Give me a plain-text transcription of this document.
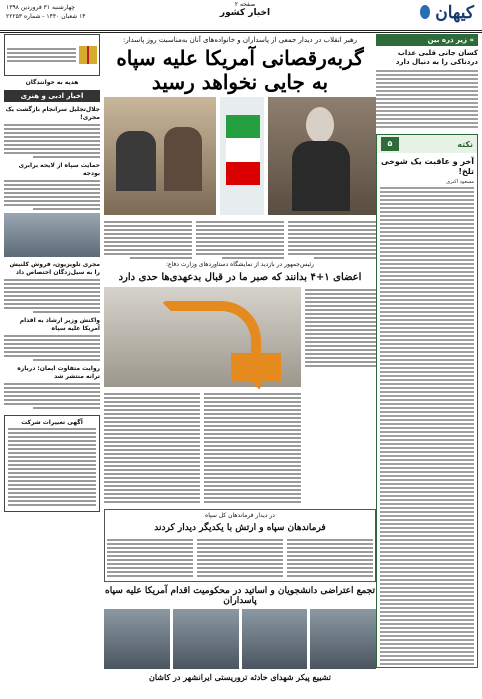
کیهان
صفحه ۲
اخبار کشور
چهارشنبه ۳۱ فروردین ۱۳۹۸
۱۴ شعبان ۱۴۴۰ - شماره ۲۲۲۵۳
» زیر ذره بین
کسان جانی قلبی عذاب دردناکی را به دنبال دارد
نکته
۵
آخر و عاقبت یک شوخی تلخ!
مسعود اکبری
رهبر انقلاب در دیدار جمعی از پاسداران و خانواده‌های آنان به‌مناسبت روز پاسدار:
گربه‌رقصانی آمریکا علیه سپاه
به جایی نخواهد رسید
رئیس‌جمهور در بازدید از نمایشگاه دستاوردهای وزارت دفاع:
اعضای ۱+۴ بدانند که صبر ما در قبال بدعهدی‌ها حدی دارد
در دیدار فرماندهان کل سپاه
فرماندهان سپاه و ارتش با یکدیگر دیدار کردند
تجمع اعتراضی دانشجویان و اساتید در محکومیت اقدام آمریکا علیه سپاه پاسداران
تشییع پیکر شهدای حادثه تروریستی ایرانشهر در کاشان
هدیه به خوانندگان
اخبار ادبی و هنری
جلال‌تجلیل سرانجام بازگشت یک مجری!
حمایت سپاه از لایحه برابری بودجه
مجری تلویزیون، فروش کلنیش را به سیل‌زدگان اختصاص داد
واکنش وزیر ارشاد به اقدام آمریکا علیه سپاه
روایت متفاوت ایمان: درباره ترانه منتشر شد
آگهی تغییرات شرکت
